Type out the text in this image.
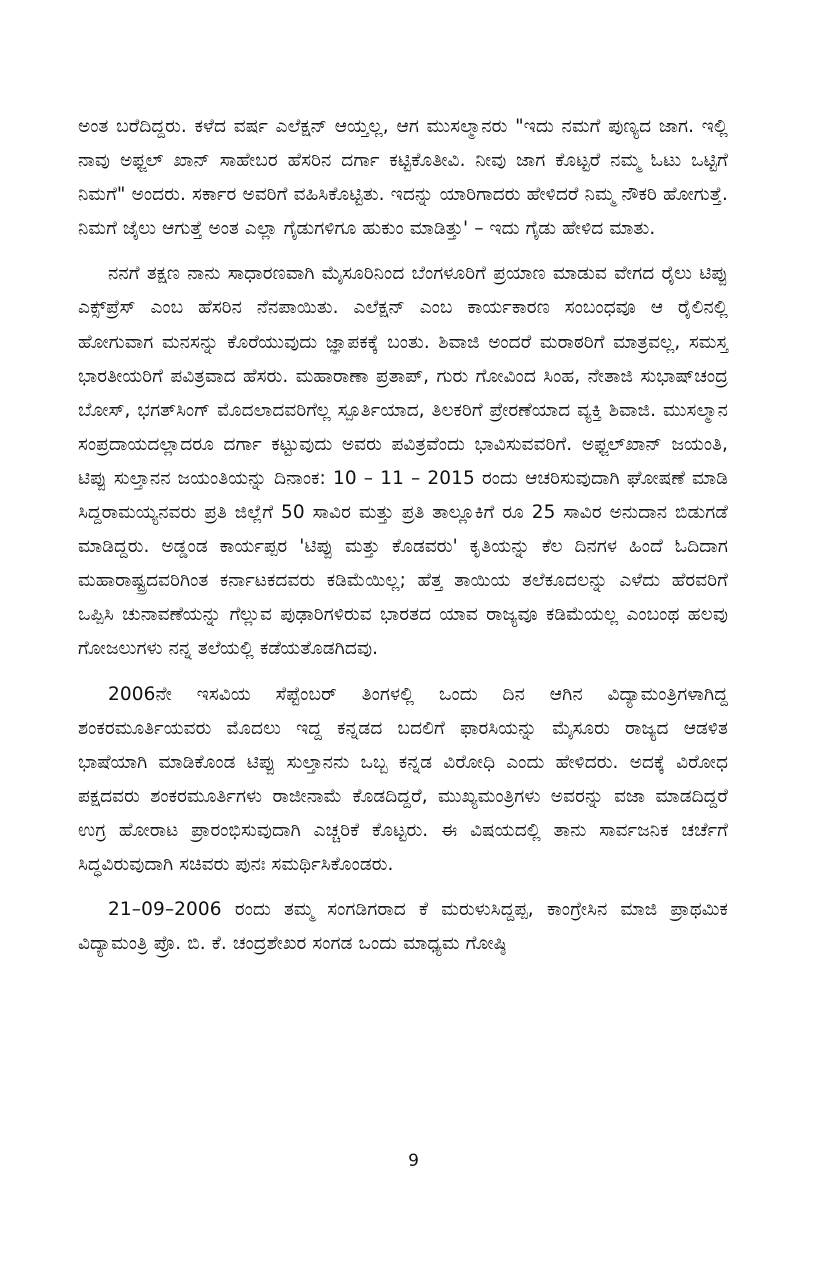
ಅಂತ ಬರೆದಿದ್ದರು. ಕಳೆದ ವರ್ಷ ಎಲೆಕ್ಷನ್ ಆಯ್ತಲ್ಲ, ಆಗ ಮುಸಲ್ಮಾನರು "ಇದು ನಮಗೆ ಪುಣ್ಯದ ಜಾಗ. ಇಲ್ಲಿ ನಾವು ಅಫ್ಜಲ್ ಖಾನ್ ಸಾಹೇಬರ ಹೆಸರಿನ ದರ್ಗಾ ಕಟ್ಟಿಕೊತೀವಿ. ನೀವು ಜಾಗ ಕೊಟ್ಟರೆ ನಮ್ಮ ಓಟು ಒಟ್ಟಿಗೆ ನಿಮಗೆ" ಅಂದರು. ಸರ್ಕಾರ ಅವರಿಗೆ ವಹಿಸಿಕೊಟ್ಟಿತು. ಇದನ್ನು ಯಾರಿಗಾದರು ಹೇಳಿದರೆ ನಿಮ್ಮ ನೌಕರಿ ಹೋಗುತ್ತೆ. ನಿಮಗೆ ಜೈಲು ಆಗುತ್ತೆ ಅಂತ ಎಲ್ಲಾ ಗೈಡುಗಳಿಗೂ ಹುಕುಂ ಮಾಡಿತ್ತು' – ಇದು ಗೈಡು ಹೇಳಿದ ಮಾತು.

ನನಗೆ ತಕ್ಷಣ ನಾನು ಸಾಧಾರಣವಾಗಿ ಮೈಸೂರಿನಿಂದ ಬೆಂಗಳೂರಿಗೆ ಪ್ರಯಾಣ ಮಾಡುವ ವೇಗದ ರೈಲು ಟಿಪ್ಪು ಎಕ್ಸ್‌ಪ್ರೆಸ್ ಎಂಬ ಹೆಸರಿನ ನೆನಪಾಯಿತು. ಎಲೆಕ್ಷನ್ ಎಂಬ ಕಾರ್ಯಕಾರಣ ಸಂಬಂಧವೂ ಆ ರೈಲಿನಲ್ಲಿ ಹೋಗುವಾಗ ಮನಸನ್ನು ಕೊರೆಯುವುದು ಜ್ಞಾಪಕಕ್ಕೆ ಬಂತು. ಶಿವಾಜಿ ಅಂದರೆ ಮರಾಠರಿಗೆ ಮಾತ್ರವಲ್ಲ, ಸಮಸ್ತ ಭಾರತೀಯರಿಗೆ ಪವಿತ್ರವಾದ ಹೆಸರು. ಮಹಾರಾಣಾ ಪ್ರತಾಪ್, ಗುರು ಗೋವಿಂದ ಸಿಂಹ, ನೇತಾಜಿ ಸುಭಾಷ್‌ಚಂದ್ರ ಬೋಸ್, ಭಗತ್‌ಸಿಂಗ್ ಮೊದಲಾದವರಿಗೆಲ್ಲ ಸ್ಪೂರ್ತಿಯಾದ, ತಿಲಕರಿಗೆ ಪ್ರೇರಣೆಯಾದ ವ್ಯಕ್ತಿ ಶಿವಾಜಿ. ಮುಸಲ್ಮಾನ ಸಂಪ್ರದಾಯದಲ್ಲಾದರೂ ದರ್ಗಾ ಕಟ್ಟುವುದು ಅವರು ಪವಿತ್ರವೆಂದು ಭಾವಿಸುವವರಿಗೆ. ಅಫ್ಜಲ್‌ಖಾನ್ ಜಯಂತಿ, ಟಿಪ್ಪು ಸುಲ್ತಾನನ ಜಯಂತಿಯನ್ನು ದಿನಾಂಕ: 10 – 11 – 2015 ರಂದು ಆಚರಿಸುವುದಾಗಿ ಘೋಷಣೆ ಮಾಡಿ ಸಿದ್ದರಾಮಯ್ಯನವರು ಪ್ರತಿ ಜಿಲ್ಲೆಗೆ 50 ಸಾವಿರ ಮತ್ತು ಪ್ರತಿ ತಾಲ್ಲೂಕಿಗೆ ರೂ 25 ಸಾವಿರ ಅನುದಾನ ಬಿಡುಗಡೆ ಮಾಡಿದ್ದರು. ಅಡ್ಡಂಡ ಕಾರ್ಯಪ್ಪರ 'ಟಿಪ್ಪು ಮತ್ತು ಕೊಡವರು' ಕೃತಿಯನ್ನು ಕೆಲ ದಿನಗಳ ಹಿಂದೆ ಓದಿದಾಗ ಮಹಾರಾಷ್ಟ್ರದವರಿಗಿಂತ ಕರ್ನಾಟಕದವರು ಕಡಿಮೆಯಿಲ್ಲ; ಹೆತ್ತ ತಾಯಿಯ ತಲೆಕೂದಲನ್ನು ಎಳೆದು ಹೆರವರಿಗೆ ಒಪ್ಪಿಸಿ ಚುನಾವಣೆಯನ್ನು ಗೆಲ್ಲುವ ಪುಢಾರಿಗಳಿರುವ ಭಾರತದ ಯಾವ ರಾಜ್ಯವೂ ಕಡಿಮೆಯಲ್ಲ ಎಂಬಂಥ ಹಲವು ಗೋಜಲುಗಳು ನನ್ನ ತಲೆಯಲ್ಲಿ ಕಡೆಯತೊಡಗಿದವು.

2006ನೇ ಇಸವಿಯ ಸೆಪ್ಟೆಂಬರ್ ತಿಂಗಳಲ್ಲಿ ಒಂದು ದಿನ ಆಗಿನ ವಿದ್ಯಾಮಂತ್ರಿಗಳಾಗಿದ್ದ ಶಂಕರಮೂರ್ತಿಯವರು ಮೊದಲು ಇದ್ದ ಕನ್ನಡದ ಬದಲಿಗೆ ಫಾರಸಿಯನ್ನು ಮೈಸೂರು ರಾಜ್ಯದ ಆಡಳಿತ ಭಾಷೆಯಾಗಿ ಮಾಡಿಕೊಂಡ ಟಿಪ್ಪು ಸುಲ್ತಾನನು ಒಬ್ಬ ಕನ್ನಡ ವಿರೋಧಿ ಎಂದು ಹೇಳಿದರು. ಅದಕ್ಕೆ ವಿರೋಧ ಪಕ್ಷದವರು ಶಂಕರಮೂರ್ತಿಗಳು ರಾಜೀನಾಮೆ ಕೊಡದಿದ್ದರೆ, ಮುಖ್ಯಮಂತ್ರಿಗಳು ಅವರನ್ನು ವಜಾ ಮಾಡದಿದ್ದರೆ ಉಗ್ರ ಹೋರಾಟ ಪ್ರಾರಂಭಿಸುವುದಾಗಿ ಎಚ್ಚರಿಕೆ ಕೊಟ್ಟರು. ಈ ವಿಷಯದಲ್ಲಿ ತಾನು ಸಾರ್ವಜನಿಕ ಚರ್ಚೆಗೆ ಸಿದ್ಧವಿರುವುದಾಗಿ ಸಚಿವರು ಪುನಃ ಸಮರ್ಥಿಸಿಕೊಂಡರು.

21–09–2006 ರಂದು ತಮ್ಮ ಸಂಗಡಿಗರಾದ ಕೆ ಮರುಳುಸಿದ್ದಪ್ಪ, ಕಾಂಗ್ರೇಸಿನ ಮಾಜಿ ಪ್ರಾಥಮಿಕ ವಿದ್ಯಾಮಂತ್ರಿ ಪ್ರೊ. ಬಿ. ಕೆ. ಚಂದ್ರಶೇಖರ ಸಂಗಡ ಒಂದು ಮಾಧ್ಯಮ ಗೋಷ್ಠಿ

9
